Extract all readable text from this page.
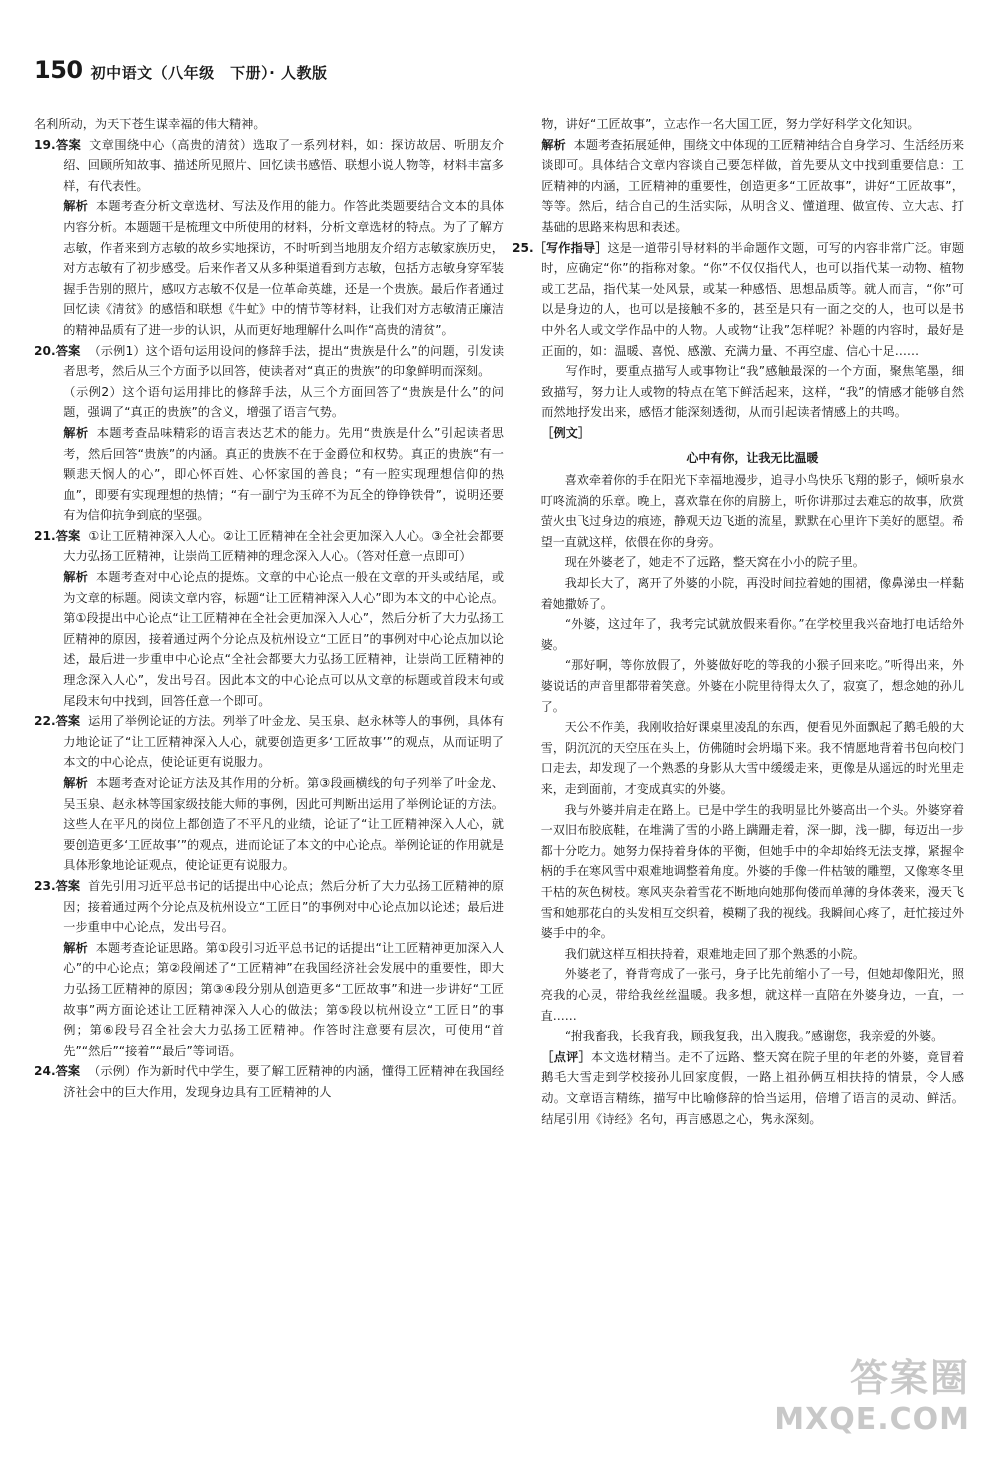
150 初中语文（八年级　下册）· 人教版

名利所动，为天下苍生谋幸福的伟大精神。

19.答案 文章围绕中心（高贵的清贫）选取了一系列材料，如：探访故居、听朋友介绍、回顾所知故事、描述所见照片、回忆读书感悟、联想小说人物等，材料丰富多样，有代表性。

解析 本题考查分析文章选材、写法及作用的能力。作答此类题要结合文本的具体内容分析。本题题干是梳理文中所使用的材料，分析文章选材的特点。为了了解方志敏，作者来到方志敏的故乡实地探访，不时听到当地朋友介绍方志敏家族历史，对方志敏有了初步感受。后来作者又从多种渠道看到方志敏，包括方志敏身穿军装握手告别的照片，感叹方志敏不仅是一位革命英雄，还是一个贵族。最后作者通过回忆读《清贫》的感悟和联想《牛虻》中的情节等材料，让我们对方志敏清正廉洁的精神品质有了进一步的认识，从而更好地理解什么叫作“高贵的清贫”。

20.答案 （示例1）这个语句运用设问的修辞手法，提出“贵族是什么”的问题，引发读者思考，然后从三个方面予以回答，使读者对“真正的贵族”的印象鲜明而深刻。

（示例2）这个语句运用排比的修辞手法，从三个方面回答了“贵族是什么”的问题，强调了“真正的贵族”的含义，增强了语言气势。

解析 本题考查品味精彩的语言表达艺术的能力。先用“贵族是什么”引起读者思考，然后回答“贵族”的内涵。真正的贵族不在于金爵位和权势。真正的贵族“有一颗悲天悯人的心”，即心怀百姓、心怀家国的善良；“有一腔实现理想信仰的热血”，即要有实现理想的热情；“有一副宁为玉碎不为瓦全的铮铮铁骨”，说明还要有为信仰抗争到底的坚强。

21.答案 ①让工匠精神深入人心。②让工匠精神在全社会更加深入人心。③全社会都要大力弘扬工匠精神，让崇尚工匠精神的理念深入人心。（答对任意一点即可）

解析 本题考查对中心论点的提炼。文章的中心论点一般在文章的开头或结尾，或为文章的标题。阅读文章内容，标题“让工匠精神深入人心”即为本文的中心论点。第①段提出中心论点“让工匠精神在全社会更加深入人心”，然后分析了大力弘扬工匠精神的原因，接着通过两个分论点及杭州设立“工匠日”的事例对中心论点加以论述，最后进一步重申中心论点“全社会都要大力弘扬工匠精神，让崇尚工匠精神的理念深入人心”，发出号召。因此本文的中心论点可以从文章的标题或首段末句或尾段末句中找到，回答任意一个即可。

22.答案 运用了举例论证的方法。列举了叶金龙、吴玉泉、赵永林等人的事例，具体有力地论证了“让工匠精神深入人心，就要创造更多‘工匠故事’”的观点，从而证明了本文的中心论点，使论证更有说服力。

解析 本题考查对论证方法及其作用的分析。第③段画横线的句子列举了叶金龙、吴玉泉、赵永林等国家级技能大师的事例，因此可判断出运用了举例论证的方法。这些人在平凡的岗位上都创造了不平凡的业绩，论证了“让工匠精神深入人心，就要创造更多‘工匠故事’”的观点，进而论证了本文的中心论点。举例论证的作用就是具体形象地论证观点，使论证更有说服力。

23.答案 首先引用习近平总书记的话提出中心论点；然后分析了大力弘扬工匠精神的原因；接着通过两个分论点及杭州设立“工匠日”的事例对中心论点加以论述；最后进一步重申中心论点，发出号召。

解析 本题考查论证思路。第①段引习近平总书记的话提出“让工匠精神更加深入人心”的中心论点；第②段阐述了“工匠精神”在我国经济社会发展中的重要性，即大力弘扬工匠精神的原因；第③④段分别从创造更多“工匠故事”和进一步讲好“工匠故事”两方面论述让工匠精神深入人心的做法；第⑤段以杭州设立“工匠日”的事例；第⑥段号召全社会大力弘扬工匠精神。作答时注意要有层次，可使用“首先”“然后”“接着”“最后”等词语。

24.答案 （示例）作为新时代中学生，要了解工匠精神的内涵，懂得工匠精神在我国经济社会中的巨大作用，发现身边具有工匠精神的人

物，讲好“工匠故事”，立志作一名大国工匠，努力学好科学文化知识。

解析 本题考查拓展延伸，围绕文中体现的工匠精神结合自身学习、生活经历来谈即可。具体结合文章内容谈自己要怎样做，首先要从文中找到重要信息：工匠精神的内涵，工匠精神的重要性，创造更多“工匠故事”，讲好“工匠故事”，等等。然后，结合自己的生活实际，从明含义、懂道理、做宣传、立大志、打基础的思路来构思和表述。

25.［写作指导］这是一道带引导材料的半命题作文题，可写的内容非常广泛。审题时，应确定“你”的指称对象。“你”不仅仅指代人，也可以指代某一动物、植物或工艺品，指代某一处风景，或某一种感悟、思想品质等。就人而言，“你”可以是身边的人，也可以是接触不多的，甚至是只有一面之交的人，也可以是书中外名人或文学作品中的人物。人或物“让我”怎样呢？补题的内容时，最好是正面的，如：温暖、喜悦、感激、充满力量、不再空虚、信心十足……

写作时，要重点描写人或事物让“我”感触最深的一个方面，聚焦笔墨，细致描写，努力让人或物的特点在笔下鲜活起来，这样，“我”的情感才能够自然而然地抒发出来，感悟才能深刻透彻，从而引起读者情感上的共鸣。

［例文］

心中有你，让我无比温暖

喜欢牵着你的手在阳光下幸福地漫步，追寻小鸟快乐飞翔的影子，倾听泉水叮咚流淌的乐章。晚上，喜欢靠在你的肩膀上，听你讲那过去难忘的故事，欣赏萤火虫飞过身边的痕迹，静观天边飞逝的流星，默默在心里许下美好的愿望。希望一直就这样，依偎在你的身旁。

现在外婆老了，她走不了远路，整天窝在小小的院子里。

我却长大了，离开了外婆的小院，再没时间拉着她的围裙，像鼻涕虫一样黏着她撒娇了。

“外婆，这过年了，我考完试就放假来看你。”在学校里我兴奋地打电话给外婆。

“那好啊，等你放假了，外婆做好吃的等我的小猴子回来吃。”听得出来，外婆说话的声音里都带着笑意。外婆在小院里待得太久了，寂寞了，想念她的孙儿了。

天公不作美，我刚收拾好课桌里凌乱的东西，便看见外面飘起了鹅毛般的大雪，阴沉沉的天空压在头上，仿佛随时会坍塌下来。我不情愿地背着书包向校门口走去，却发现了一个熟悉的身影从大雪中缓缓走来，更像是从遥远的时光里走来，走到面前，才变成真实的外婆。

我与外婆并肩走在路上。已是中学生的我明显比外婆高出一个头。外婆穿着一双旧布胶底鞋，在堆满了雪的小路上蹒跚走着，深一脚，浅一脚，每迈出一步都十分吃力。她努力保持着身体的平衡，但她手中的伞却始终无法支撑，紧握伞柄的手在寒风雪中艰难地调整着角度。外婆的手像一件枯皱的雕塑，又像寒冬里干枯的灰色树枝。寒风夹杂着雪花不断地向她那佝偻而单薄的身体袭来，漫天飞雪和她那花白的头发相互交织着，模糊了我的视线。我瞬间心疼了，赶忙接过外婆手中的伞。

我们就这样互相扶持着，艰难地走回了那个熟悉的小院。

外婆老了，脊背弯成了一张弓，身子比先前缩小了一号，但她却像阳光，照亮我的心灵，带给我丝丝温暖。我多想，就这样一直陪在外婆身边，一直，一直……

“拊我畜我，长我育我，顾我复我，出入腹我。”感谢您，我亲爱的外婆。

［点评］本文选材精当。走不了远路、整天窝在院子里的年老的外婆，竟冒着鹅毛大雪走到学校接孙儿回家度假，一路上祖孙俩互相扶持的情景，令人感动。文章语言精练，描写中比喻修辞的恰当运用，倍增了语言的灵动、鲜活。结尾引用《诗经》名句，再言感恩之心，隽永深刻。

答案圈
MXQE.COM
